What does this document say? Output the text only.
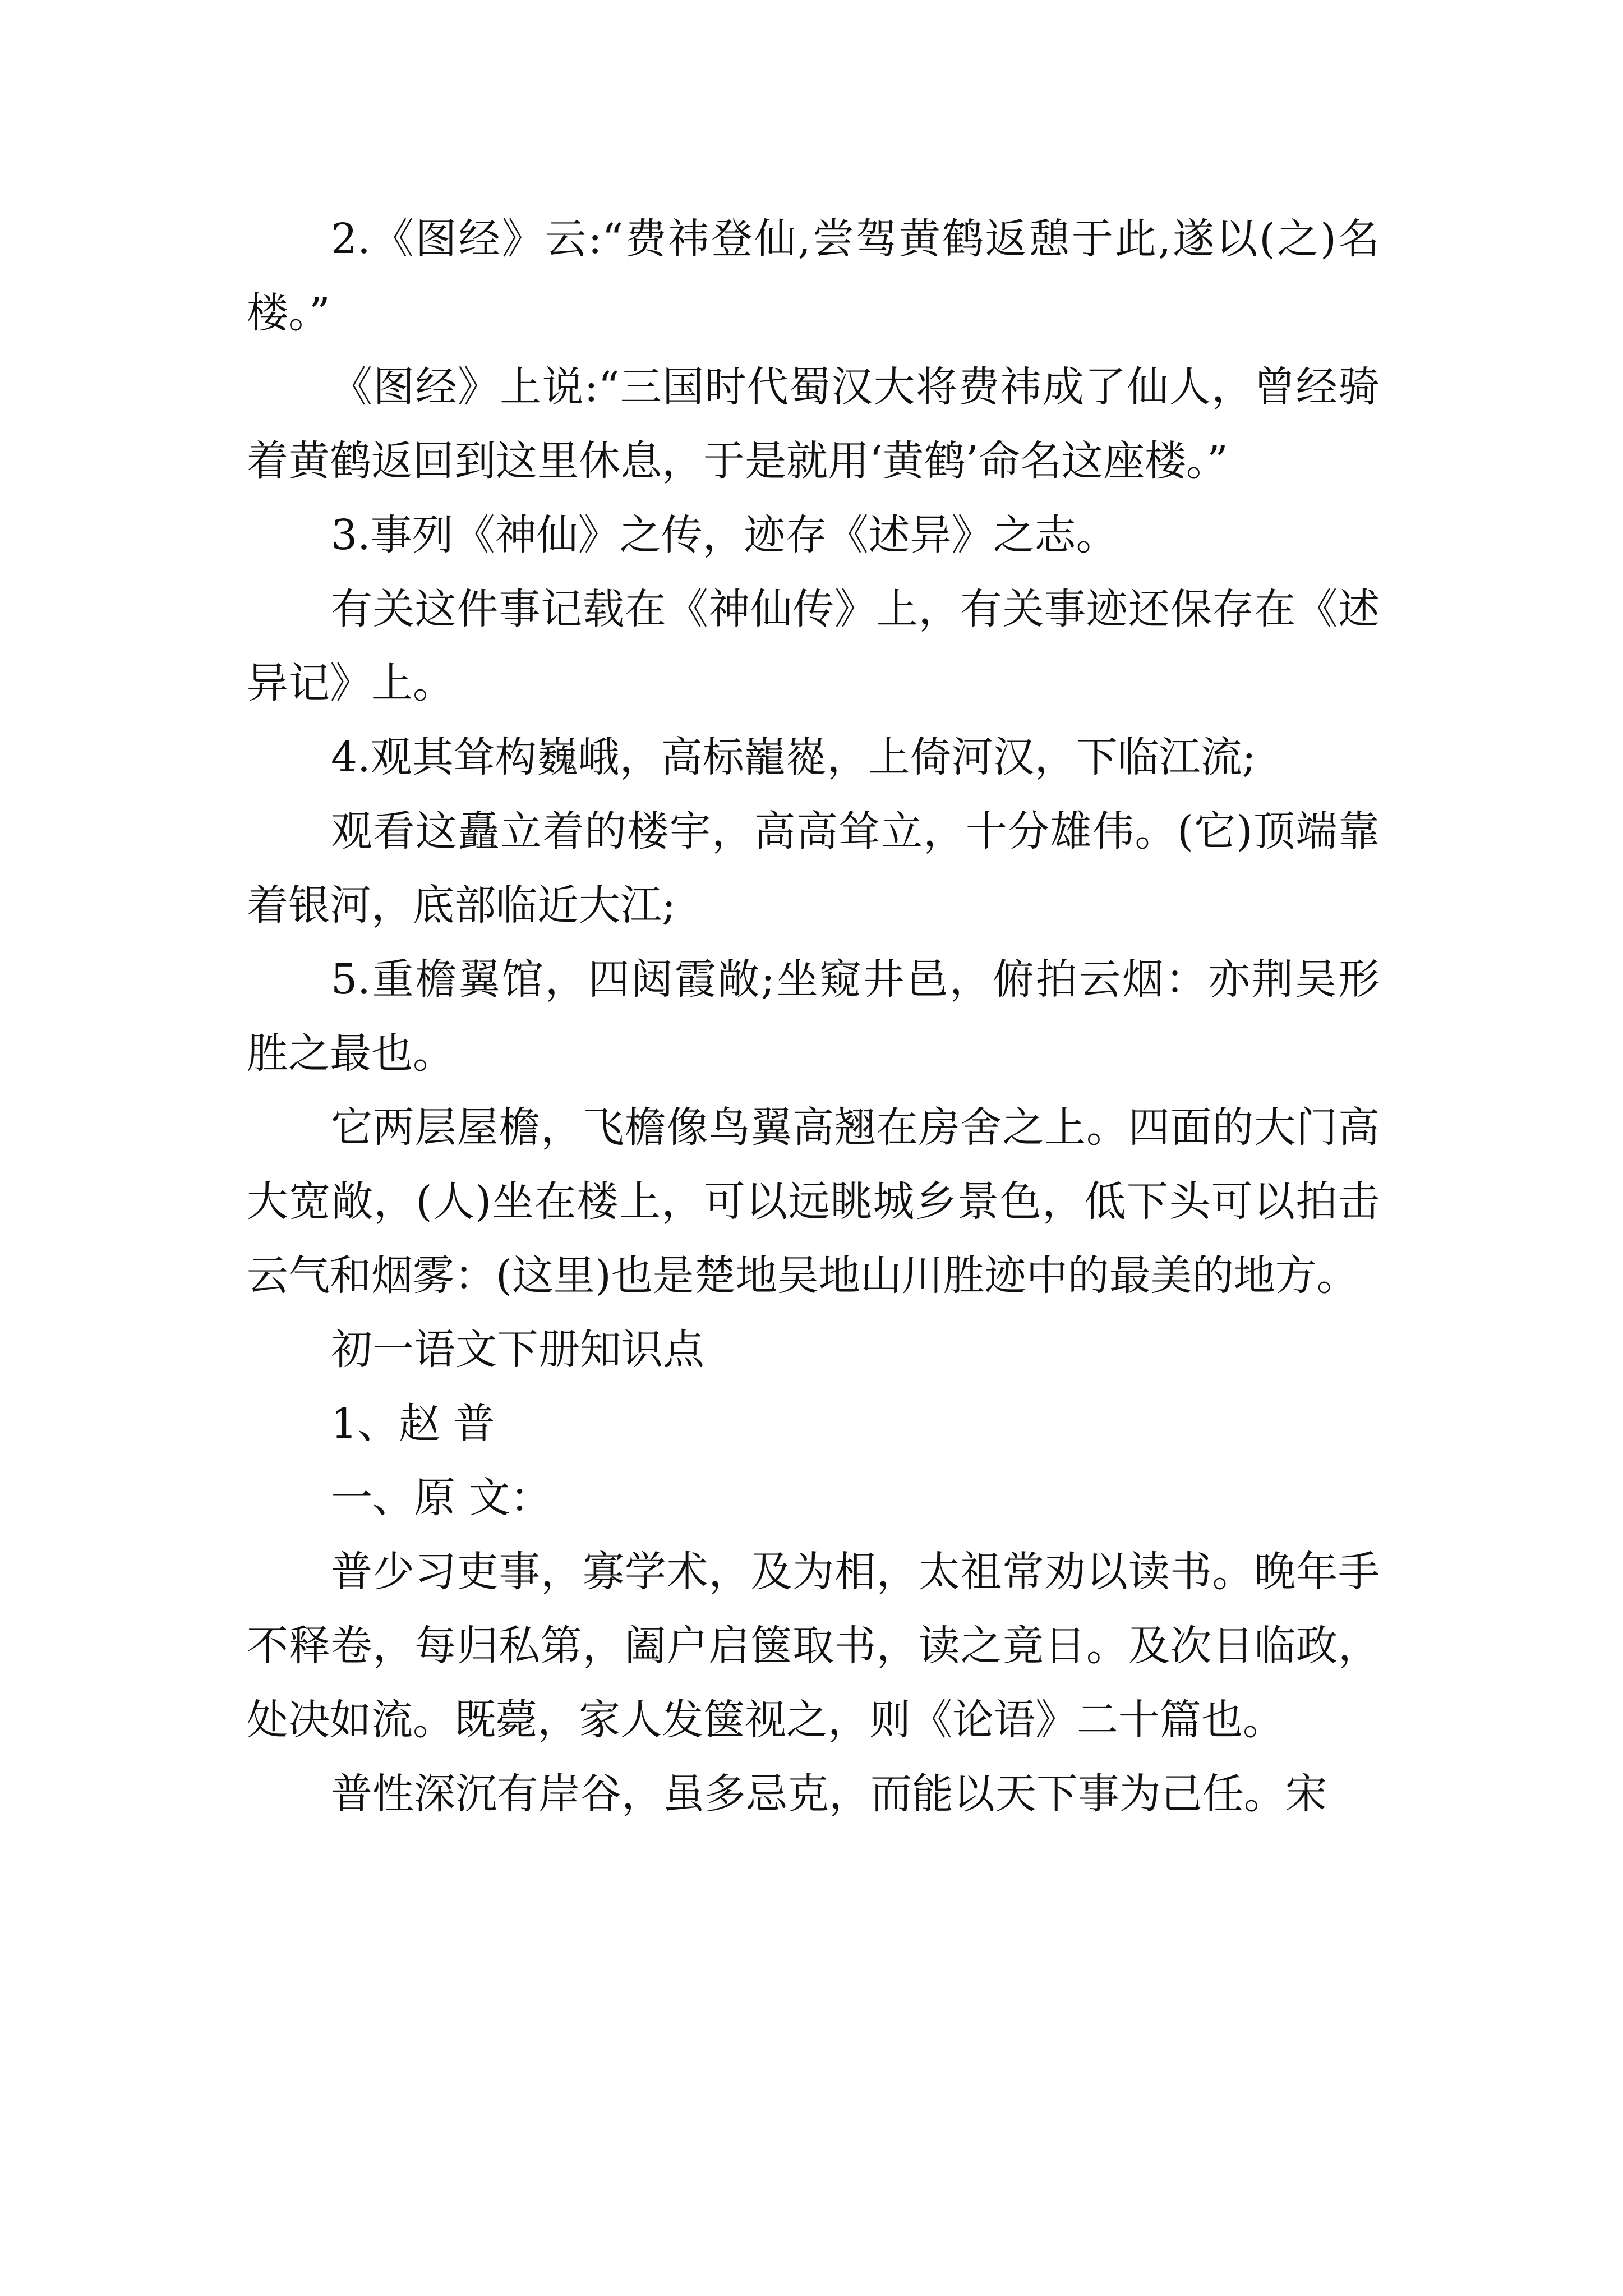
2.《图经》云:“费祎登仙,尝驾黄鹤返憩于此,遂以(之)名楼。”

《图经》上说:“三国时代蜀汉大将费祎成了仙人，曾经骑着黄鹤返回到这里休息，于是就用‘黄鹤’命名这座楼。”

3.事列《神仙》之传，迹存《述异》之志。

有关这件事记载在《神仙传》上，有关事迹还保存在《述异记》上。

4.观其耸构巍峨，高标巃嵸，上倚河汉，下临江流;

观看这矗立着的楼宇，高高耸立，十分雄伟。(它)顶端靠着银河，底部临近大江;

5.重檐翼馆，四闼霞敞;坐窥井邑，俯拍云烟：亦荆吴形胜之最也。

它两层屋檐，飞檐像鸟翼高翘在房舍之上。四面的大门高大宽敞，(人)坐在楼上，可以远眺城乡景色，低下头可以拍击云气和烟雾：(这里)也是楚地吴地山川胜迹中的最美的地方。

初一语文下册知识点

1、赵 普

一、原 文：

普少习吏事，寡学术，及为相，太祖常劝以读书。晚年手不释卷，每归私第，阖户启箧取书，读之竟日。及次日临政，处决如流。既薨，家人发箧视之，则《论语》二十篇也。

普性深沉有岸谷，虽多忌克，而能以天下事为己任。宋
